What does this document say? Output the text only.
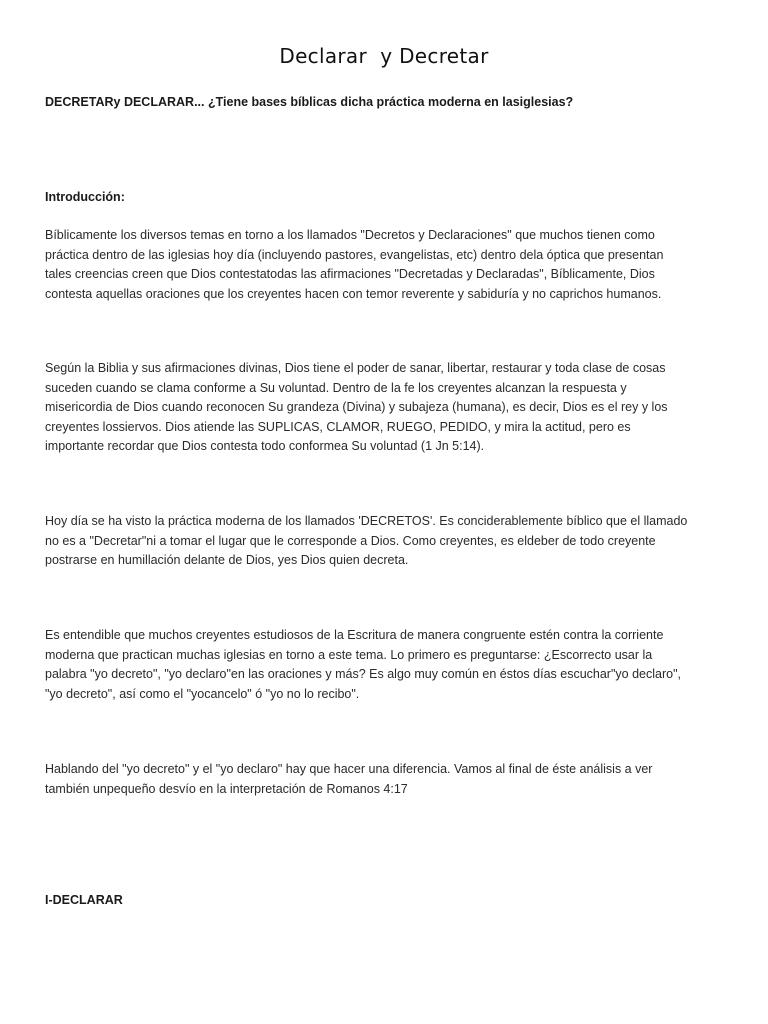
Declarar  y Decretar
DECRETARy DECLARAR... ¿Tiene bases bíblicas dicha práctica moderna en lasiglesias?
Introducción:
Bíblicamente los diversos temas en torno a los llamados "Decretos y Declaraciones" que muchos tienen como
práctica dentro de las iglesias hoy día (incluyendo pastores, evangelistas, etc) dentro dela óptica que presentan
tales creencias creen que Dios contestatodas las afirmaciones "Decretadas y Declaradas", Bíblicamente, Dios
contesta aquellas oraciones que los creyentes hacen con temor reverente y sabiduría y no caprichos humanos.
Según la Biblia y sus afirmaciones divinas, Dios tiene el poder de sanar, libertar, restaurar y toda clase de cosas
suceden cuando se clama conforme a Su voluntad. Dentro de la fe los creyentes alcanzan la respuesta y
misericordia de Dios cuando reconocen Su grandeza (Divina) y subajeza (humana), es decir, Dios es el rey y los
creyentes lossiervos. Dios atiende las SUPLICAS, CLAMOR, RUEGO, PEDIDO, y mira la actitud, pero es
importante recordar que Dios contesta todo conformea Su voluntad (1 Jn 5:14).
Hoy día se ha visto la práctica moderna de los llamados 'DECRETOS'. Es conciderablemente bíblico que el llamado
no es a "Decretar"ni a tomar el lugar que le corresponde a Dios. Como creyentes, es eldeber de todo creyente
postrarse en humillación delante de Dios, yes Dios quien decreta.
Es entendible que muchos creyentes estudiosos de la Escritura de manera congruente estén contra la corriente
moderna que practican muchas iglesias en torno a este tema. Lo primero es preguntarse: ¿Escorrecto usar la
palabra "yo decreto", "yo declaro"en las oraciones y más? Es algo muy común en éstos días escuchar"yo declaro",
"yo decreto", así como el "yocancelo" ó "yo no lo recibo".
Hablando del "yo decreto" y el "yo declaro" hay que hacer una diferencia. Vamos al final de éste análisis a ver
también unpequeño desvío en la interpretación de Romanos 4:17
I-DECLARAR
